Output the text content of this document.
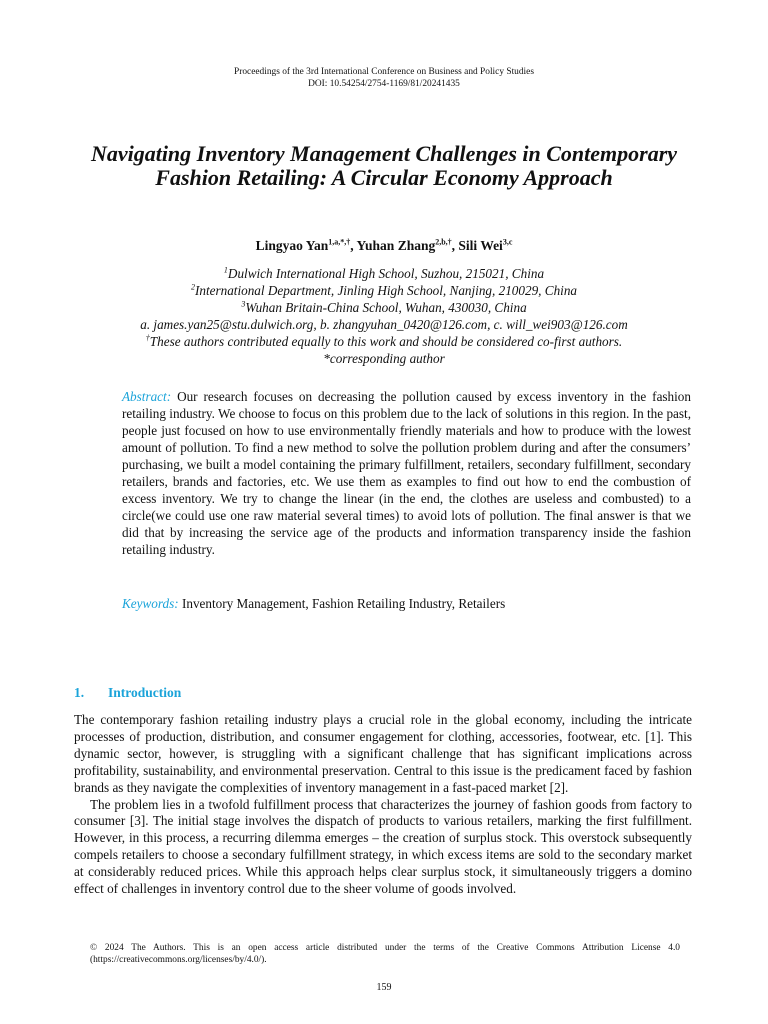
Proceedings of the 3rd International Conference on Business and Policy Studies
DOI: 10.54254/2754-1169/81/20241435
Navigating Inventory Management Challenges in Contemporary Fashion Retailing: A Circular Economy Approach
Lingyao Yan$^{1,a,*,\dagger}$, Yuhan Zhang$^{2,b,\dagger}$, Sili Wei$^{3,c}$
$^1$Dulwich International High School, Suzhou, 215021, China
$^2$International Department, Jinling High School, Nanjing, 210029, China
$^3$Wuhan Britain-China School, Wuhan, 430030, China
a. james.yan25@stu.dulwich.org, b. zhangyuhan_0420@126.com, c. will_wei903@126.com
†These authors contributed equally to this work and should be considered co-first authors.
*corresponding author
Abstract: Our research focuses on decreasing the pollution caused by excess inventory in the fashion retailing industry. We choose to focus on this problem due to the lack of solutions in this region. In the past, people just focused on how to use environmentally friendly materials and how to produce with the lowest amount of pollution. To find a new method to solve the pollution problem during and after the consumers’ purchasing, we built a model containing the primary fulfillment, retailers, secondary fulfillment, secondary retailers, brands and factories, etc. We use them as examples to find out how to end the combustion of excess inventory. We try to change the linear (in the end, the clothes are useless and combusted) to a circle(we could use one raw material several times) to avoid lots of pollution. The final answer is that we did that by increasing the service age of the products and information transparency inside the fashion retailing industry.
Keywords: Inventory Management, Fashion Retailing Industry, Retailers
1. Introduction

The contemporary fashion retailing industry plays a crucial role in the global economy, including the intricate processes of production, distribution, and consumer engagement for clothing, accessories, footwear, etc. [1]. This dynamic sector, however, is struggling with a significant challenge that has significant implications across profitability, sustainability, and environmental preservation. Central to this issue is the predicament faced by fashion brands as they navigate the complexities of inventory management in a fast-paced market [2].

The problem lies in a twofold fulfillment process that characterizes the journey of fashion goods from factory to consumer [3]. The initial stage involves the dispatch of products to various retailers, marking the first fulfillment. However, in this process, a recurring dilemma emerges – the creation of surplus stock. This overstock subsequently compels retailers to choose a secondary fulfillment strategy, in which excess items are sold to the secondary market at considerably reduced prices. While this approach helps clear surplus stock, it simultaneously triggers a domino effect of challenges in inventory control due to the sheer volume of goods involved.

© 2024 The Authors. This is an open access article distributed under the terms of the Creative Commons Attribution License 4.0 (https://creativecommons.org/licenses/by/4.0/).
159
